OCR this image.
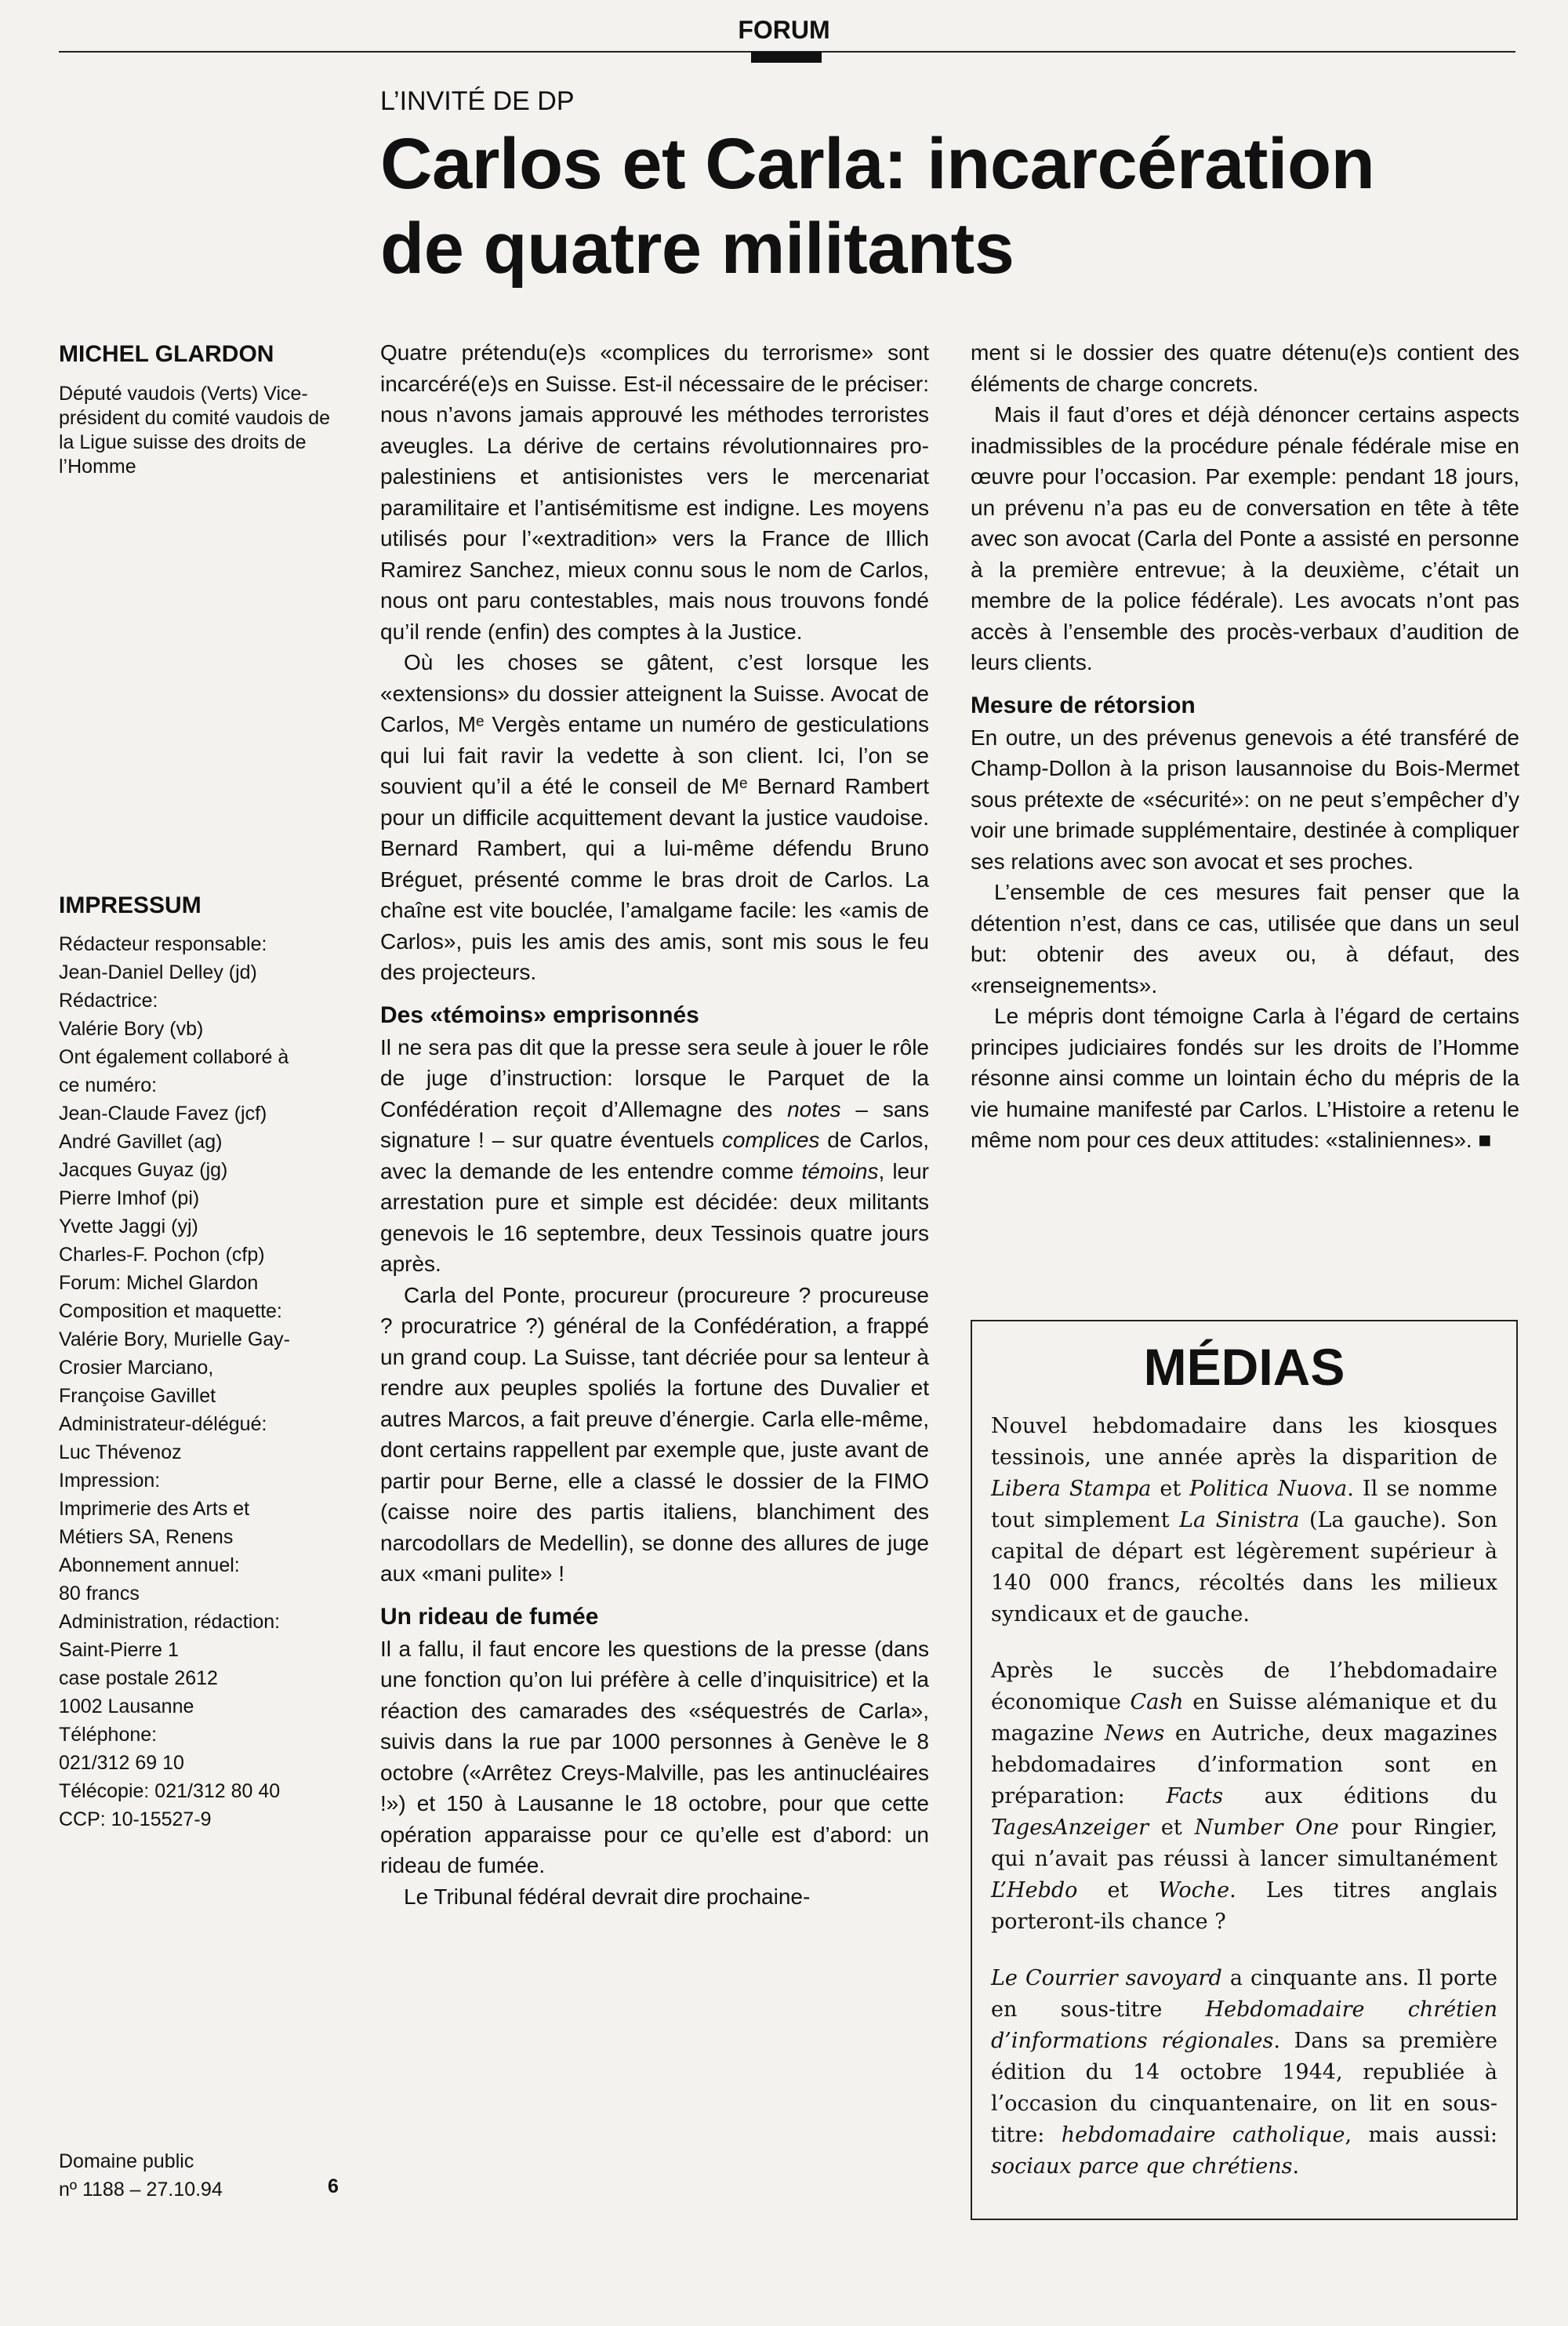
FORUM
L’INVITÉ DE DP
Carlos et Carla: incarcération de quatre militants
MICHEL GLARDON

Député vaudois (Verts) Vice-président du comité vaudois de la Ligue suisse des droits de l’Homme

IMPRESSUM

Rédacteur responsable:

Jean-Daniel Delley (jd)

Rédactrice:

Valérie Bory (vb)

Ont également collaboré à

ce numéro:

Jean-Claude Favez (jcf)

André Gavillet (ag)

Jacques Guyaz (jg)

Pierre Imhof (pi)

Yvette Jaggi (yj)

Charles-F. Pochon (cfp)

Forum: Michel Glardon

Composition et maquette:

Valérie Bory, Murielle Gay-

Crosier Marciano,

Françoise Gavillet

Administrateur-délégué:

Luc Thévenoz

Impression:

Imprimerie des Arts et

Métiers SA, Renens

Abonnement annuel:

80 francs

Administration, rédaction:

Saint-Pierre 1

case postale 2612

1002 Lausanne

Téléphone:

021/312 69 10

Télécopie: 021/312 80 40

CCP: 10-15527-9

Domaine public
nº 1188 – 27.10.94	6

Quatre prétendu(e)s «complices du terrorisme» sont incarcéré(e)s en Suisse. Est-il nécessaire de le préciser: nous n’avons jamais approuvé les méthodes terroristes aveugles. La dérive de certains révolutionnaires pro-palestiniens et antisionistes vers le mercenariat paramilitaire et l’antisémitisme est indigne. Les moyens utilisés pour l’«extradition» vers la France de Illich Ramirez Sanchez, mieux connu sous le nom de Carlos, nous ont paru contestables, mais nous trouvons fondé qu’il rende (enfin) des comptes à la Justice.

Où les choses se gâtent, c’est lorsque les «extensions» du dossier atteignent la Suisse. Avocat de Carlos, Mᵉ Vergès entame un numéro de gesticulations qui lui fait ravir la vedette à son client. Ici, l’on se souvient qu’il a été le conseil de Mᵉ Bernard Rambert pour un difficile acquittement devant la justice vaudoise. Bernard Rambert, qui a lui-même défendu Bruno Bréguet, présenté comme le bras droit de Carlos. La chaîne est vite bouclée, l’amalgame facile: les «amis de Carlos», puis les amis des amis, sont mis sous le feu des projecteurs.

Des «témoins» emprisonnés

Il ne sera pas dit que la presse sera seule à jouer le rôle de juge d’instruction: lorsque le Parquet de la Confédération reçoit d’Allemagne des notes – sans signature ! – sur quatre éventuels complices de Carlos, avec la demande de les entendre comme témoins, leur arrestation pure et simple est décidée: deux militants genevois le 16 septembre, deux Tessinois quatre jours après.

Carla del Ponte, procureur (procureure ? procureuse ? procuratrice ?) général de la Confédération, a frappé un grand coup. La Suisse, tant décriée pour sa lenteur à rendre aux peuples spoliés la fortune des Duvalier et autres Marcos, a fait preuve d’énergie. Carla elle-même, dont certains rappellent par exemple que, juste avant de partir pour Berne, elle a classé le dossier de la FIMO (caisse noire des partis italiens, blanchiment des narcodollars de Medellin), se donne des allures de juge aux «mani pulite» !

Un rideau de fumée

Il a fallu, il faut encore les questions de la presse (dans une fonction qu’on lui préfère à celle d’inquisitrice) et la réaction des camarades des «séquestrés de Carla», suivis dans la rue par 1000 personnes à Genève le 8 octobre («Arrêtez Creys-Malville, pas les antinucléaires !») et 150 à Lausanne le 18 octobre, pour que cette opération apparaisse pour ce qu’elle est d’abord: un rideau de fumée.

Le Tribunal fédéral devrait dire prochaine-

ment si le dossier des quatre détenu(e)s contient des éléments de charge concrets.

Mais il faut d’ores et déjà dénoncer certains aspects inadmissibles de la procédure pénale fédérale mise en œuvre pour l’occasion. Par exemple: pendant 18 jours, un prévenu n’a pas eu de conversation en tête à tête avec son avocat (Carla del Ponte a assisté en personne à la première entrevue; à la deuxième, c’était un membre de la police fédérale). Les avocats n’ont pas accès à l’ensemble des procès-verbaux d’audition de leurs clients.

Mesure de rétorsion

En outre, un des prévenus genevois a été transféré de Champ-Dollon à la prison lausannoise du Bois-Mermet sous prétexte de «sécurité»: on ne peut s’empêcher d’y voir une brimade supplémentaire, destinée à compliquer ses relations avec son avocat et ses proches.

L’ensemble de ces mesures fait penser que la détention n’est, dans ce cas, utilisée que dans un seul but: obtenir des aveux ou, à défaut, des «renseignements».

Le mépris dont témoigne Carla à l’égard de certains principes judiciaires fondés sur les droits de l’Homme résonne ainsi comme un lointain écho du mépris de la vie humaine manifesté par Carlos. L’Histoire a retenu le même nom pour ces deux attitudes: «staliniennes». ■

MÉDIAS

Nouvel hebdomadaire dans les kiosques tessinois, une année après la disparition de Libera Stampa et Politica Nuova. Il se nomme tout simplement La Sinistra (La gauche). Son capital de départ est légèrement supérieur à 140 000 francs, récoltés dans les milieux syndicaux et de gauche.

Après le succès de l’hebdomadaire économique Cash en Suisse alémanique et du magazine News en Autriche, deux magazines hebdomadaires d’information sont en préparation: Facts aux éditions du TagesAnzeiger et Number One pour Ringier, qui n’avait pas réussi à lancer simultanément L’Hebdo et Woche. Les titres anglais porteront-ils chance ?

Le Courrier savoyard a cinquante ans. Il porte en sous-titre Hebdomadaire chrétien d’informations régionales. Dans sa première édition du 14 octobre 1944, republiée à l’occasion du cinquantenaire, on lit en sous-titre: hebdomadaire catholique, mais aussi: sociaux parce que chrétiens.
